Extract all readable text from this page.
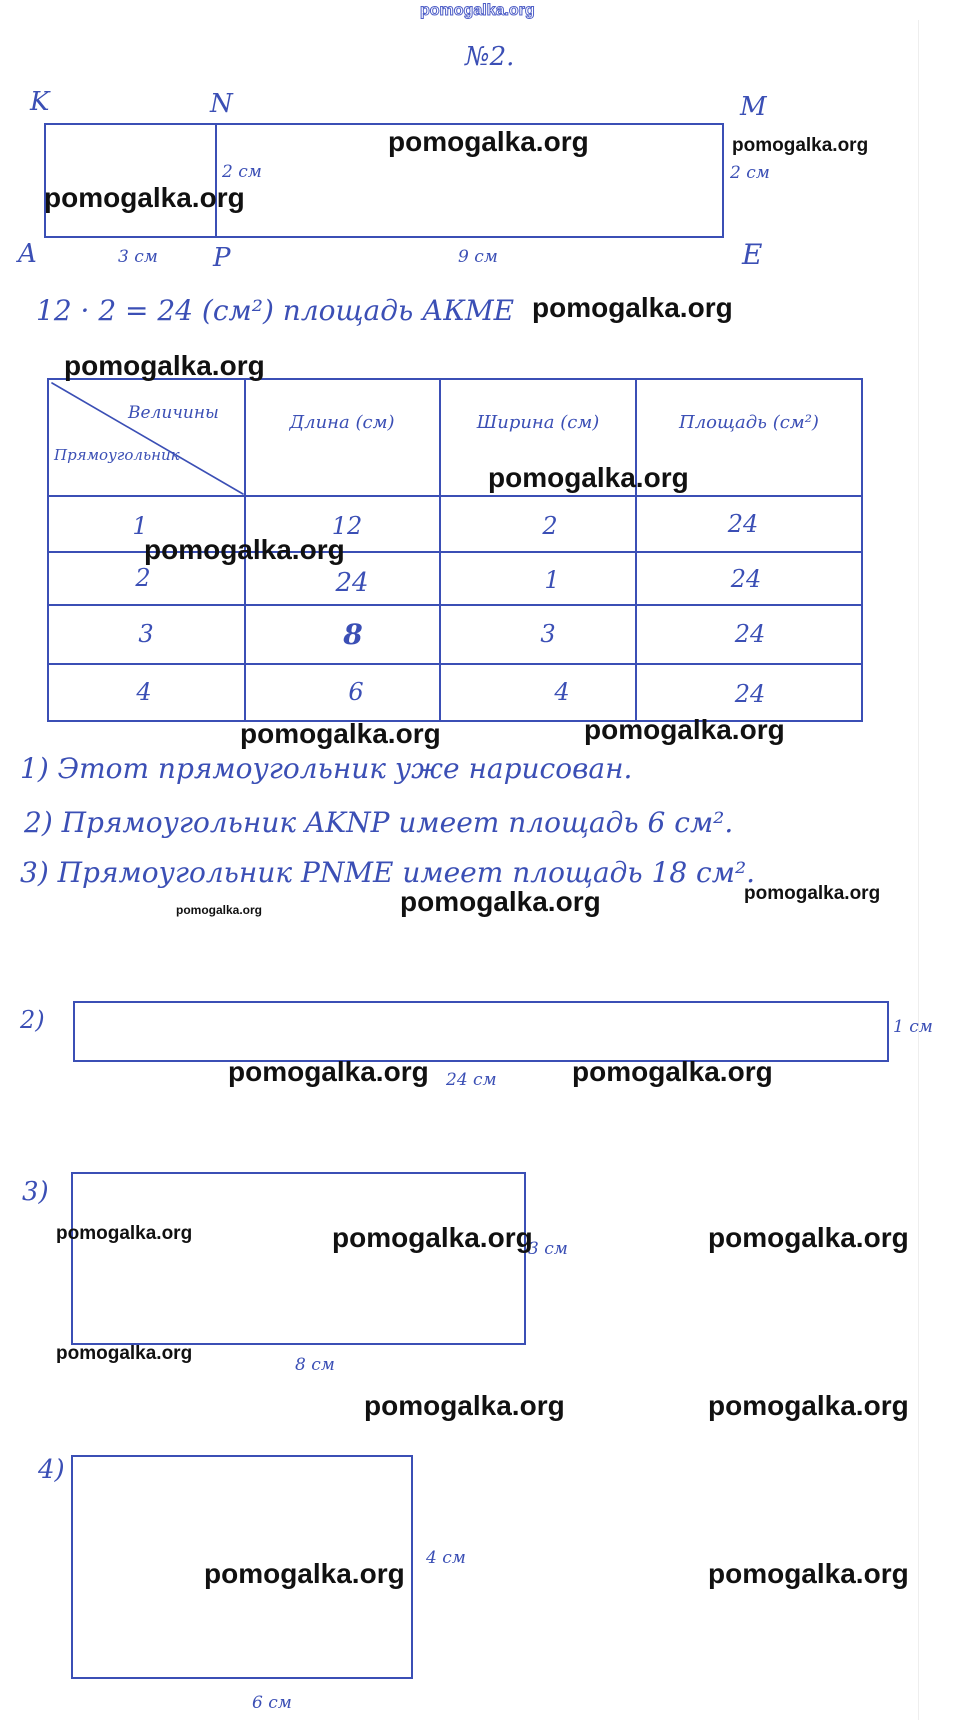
pomogalka.org
№2.
K	N	M
A	P	E
2 см	2 см
3 см	9 см
12 · 2 = 24 (см²) площадь АКМЕ
Величины
Прямоугольник
Длина (см)	Ширина (см)	Площадь (см²)
1	12	2	24
2	24	1	24
3	8	3	24
4	6	4	24
1) Этот прямоугольник уже нарисован.
2) Прямоугольник AKNP имеет площадь 6 см².
3) Прямоугольник PNME имеет площадь 18 см².
2)	1 см
24 см
3)
3 см
8 см
4)
4 см
6 см
pomogalka.org	pomogalka.org
pomogalka.org
pomogalka.org
pomogalka.org
pomogalka.org
pomogalka.org
pomogalka.org	pomogalka.org
pomogalka.org	pomogalka.org
pomogalka.org
pomogalka.org	pomogalka.org
pomogalka.org	pomogalka.org	pomogalka.org
pomogalka.org
pomogalka.org	pomogalka.org
pomogalka.org	pomogalka.org
